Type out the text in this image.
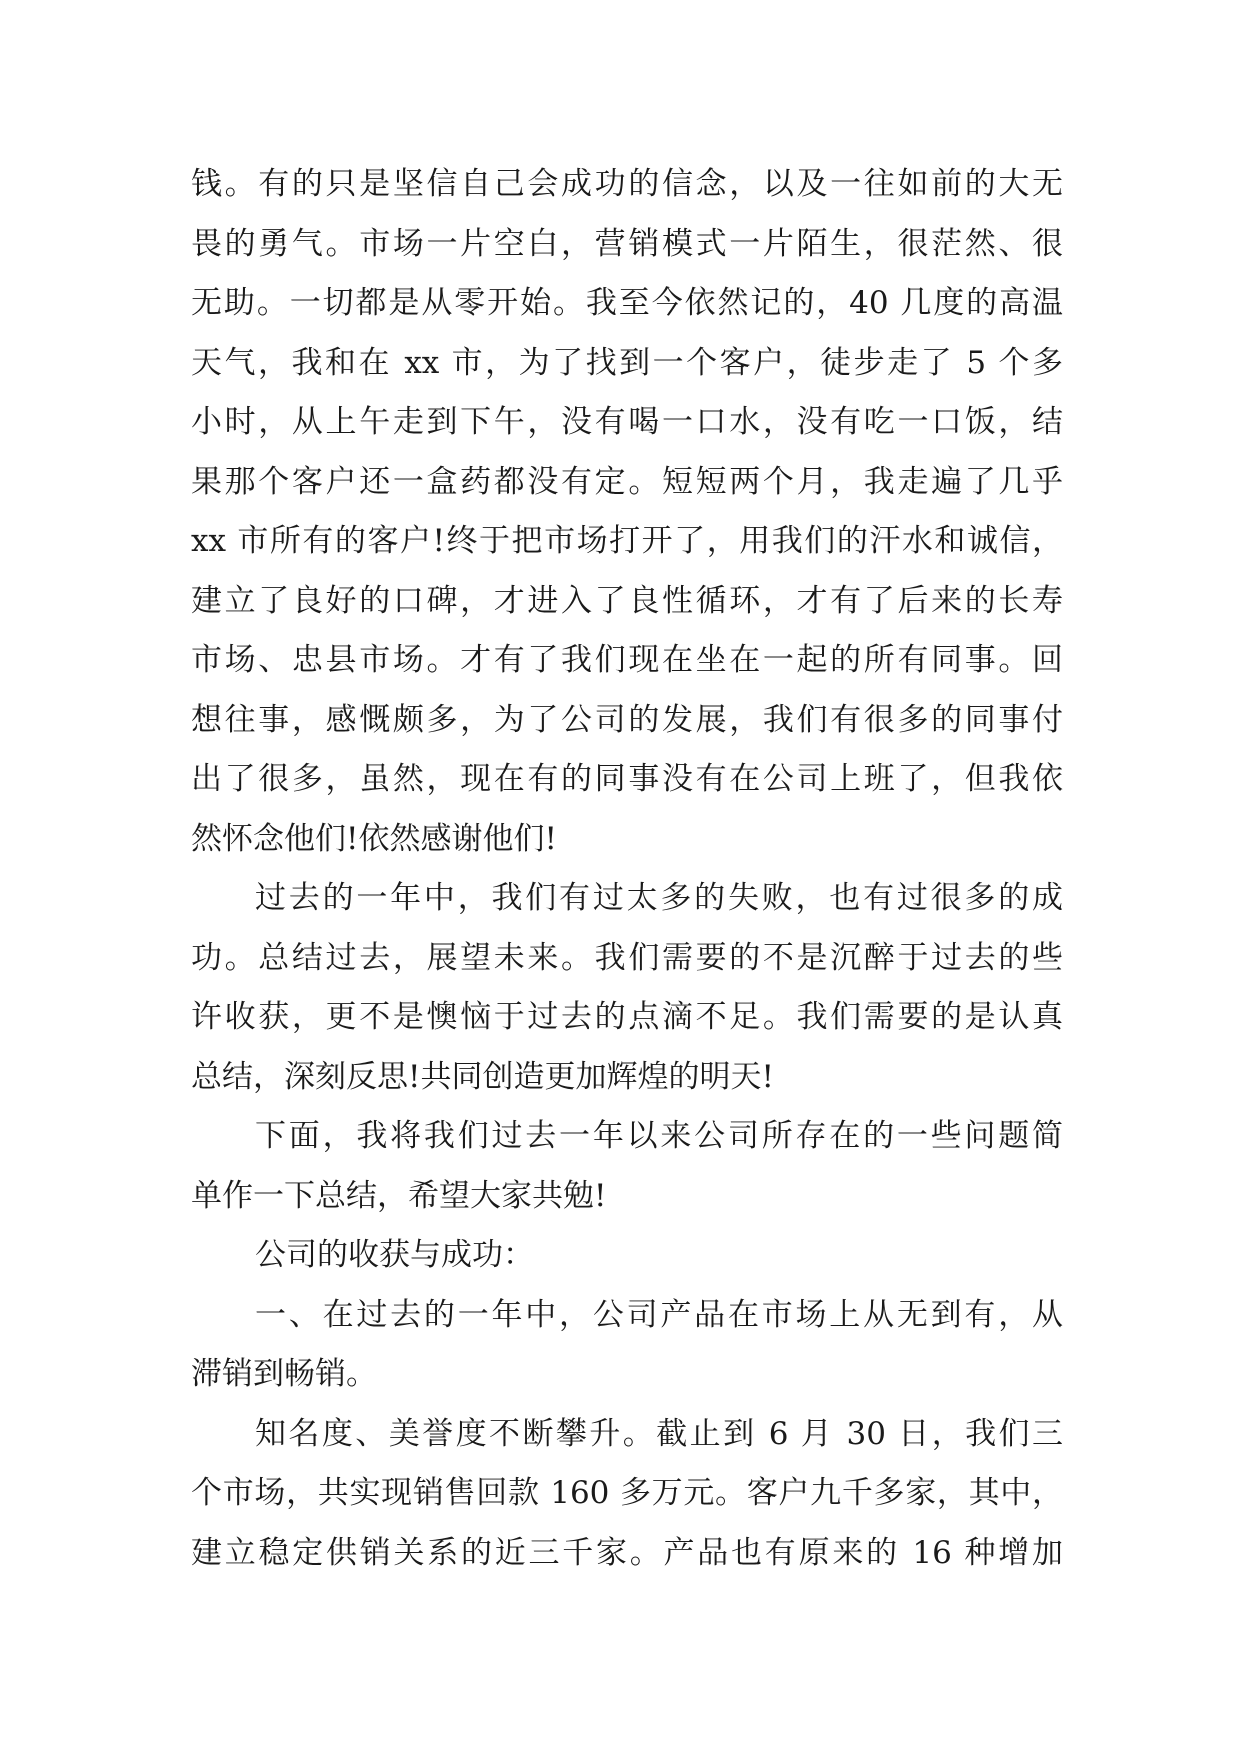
钱。有的只是坚信自己会成功的信念，以及一往如前的大无
畏的勇气。市场一片空白，营销模式一片陌生，很茫然、很
无助。一切都是从零开始。我至今依然记的，40 几度的高温
天气，我和在 xx 市，为了找到一个客户，徒步走了 5 个多
小时，从上午走到下午，没有喝一口水，没有吃一口饭，结
果那个客户还一盒药都没有定。短短两个月，我走遍了几乎
xx 市所有的客户!终于把市场打开了，用我们的汗水和诚信，
建立了良好的口碑，才进入了良性循环，才有了后来的长寿
市场、忠县市场。才有了我们现在坐在一起的所有同事。回
想往事，感慨颇多，为了公司的发展，我们有很多的同事付
出了很多，虽然，现在有的同事没有在公司上班了，但我依
然怀念他们!依然感谢他们!
过去的一年中，我们有过太多的失败，也有过很多的成
功。总结过去，展望未来。我们需要的不是沉醉于过去的些
许收获，更不是懊恼于过去的点滴不足。我们需要的是认真
总结，深刻反思!共同创造更加辉煌的明天!
下面，我将我们过去一年以来公司所存在的一些问题简
单作一下总结，希望大家共勉!
公司的收获与成功：
一、在过去的一年中，公司产品在市场上从无到有，从
滞销到畅销。
知名度、美誉度不断攀升。截止到 6 月 30 日，我们三
个市场，共实现销售回款 160 多万元。客户九千多家，其中，
建立稳定供销关系的近三千家。产品也有原来的 16 种增加
